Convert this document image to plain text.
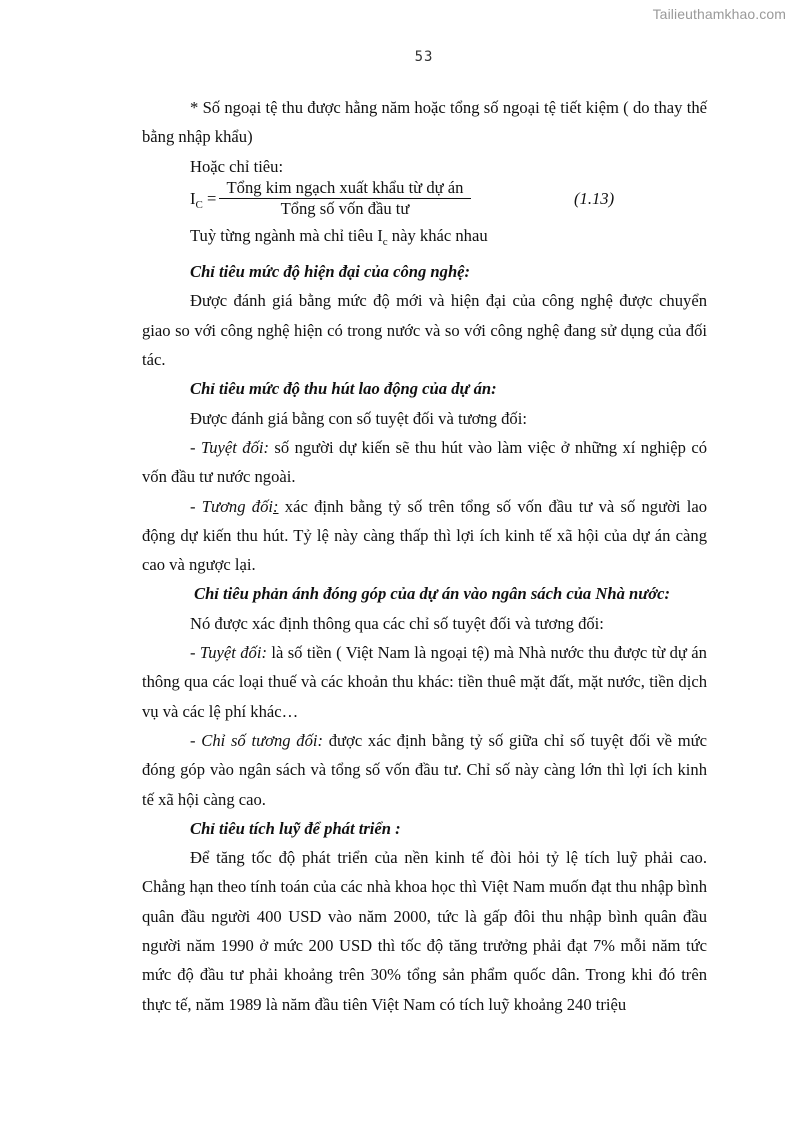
Tailieuthamkhao.com
53

* Số ngoại tệ thu được hằng năm hoặc tổng số ngoại tệ tiết kiệm ( do thay thế bằng nhập khẩu)

Hoặc chỉ tiêu:

$I_C$ =
Tổng kim ngạch xuất khẩu từ dự án
Tổng số vốn đầu tư
(1.13)

Tuỳ từng ngành mà chỉ tiêu $I_c$ này khác nhau

Chỉ tiêu mức độ hiện đại của công nghệ:

Được đánh giá bằng mức độ mới và hiện đại của công nghệ được chuyển giao so với công nghệ hiện có trong nước và so với công nghệ đang sử dụng của đối tác.

Chỉ tiêu mức độ thu hút lao động của dự án:

Được đánh giá bằng con số tuyệt đối và tương đối:

- Tuyệt đối: số người dự kiến sẽ thu hút vào làm việc ở những xí nghiệp có vốn đầu tư nước ngoài.

- Tương đối: xác định bằng tỷ số trên tổng số vốn đầu tư và số người lao động dự kiến thu hút. Tỷ lệ này càng thấp thì lợi ích kinh tế xã hội của dự án càng cao và ngược lại.

Chỉ tiêu phản ánh đóng góp của dự án vào ngân sách của Nhà nước:

Nó được xác định thông qua các chỉ số tuyệt đối và tương đối:

- Tuyệt đối: là số tiền ( Việt Nam là ngoại tệ) mà Nhà nước thu được từ dự án thông qua các loại thuế và các khoản thu khác: tiền thuê mặt đất, mặt nước, tiền dịch vụ và các lệ phí khác…

- Chỉ số tương đối: được xác định bằng tỷ số giữa chỉ số tuyệt đối về mức đóng góp vào ngân sách và tổng số vốn đầu tư. Chỉ số này càng lớn thì lợi ích kinh tế xã hội càng cao.

Chỉ tiêu tích luỹ để phát triển :

Để tăng tốc độ phát triển của nền kinh tế đòi hỏi tỷ lệ tích luỹ phải cao. Chẳng hạn theo tính toán của các nhà khoa học thì Việt Nam muốn đạt thu nhập bình quân đầu người 400 USD vào năm 2000, tức là gấp đôi thu nhập bình quân đầu người năm 1990 ở mức 200 USD thì tốc độ tăng trưởng phải đạt 7% mỗi năm tức mức độ đầu tư phải khoảng trên 30% tổng sản phẩm quốc dân. Trong khi đó trên thực tế, năm 1989 là năm đầu tiên Việt Nam có tích luỹ khoảng 240 triệu
